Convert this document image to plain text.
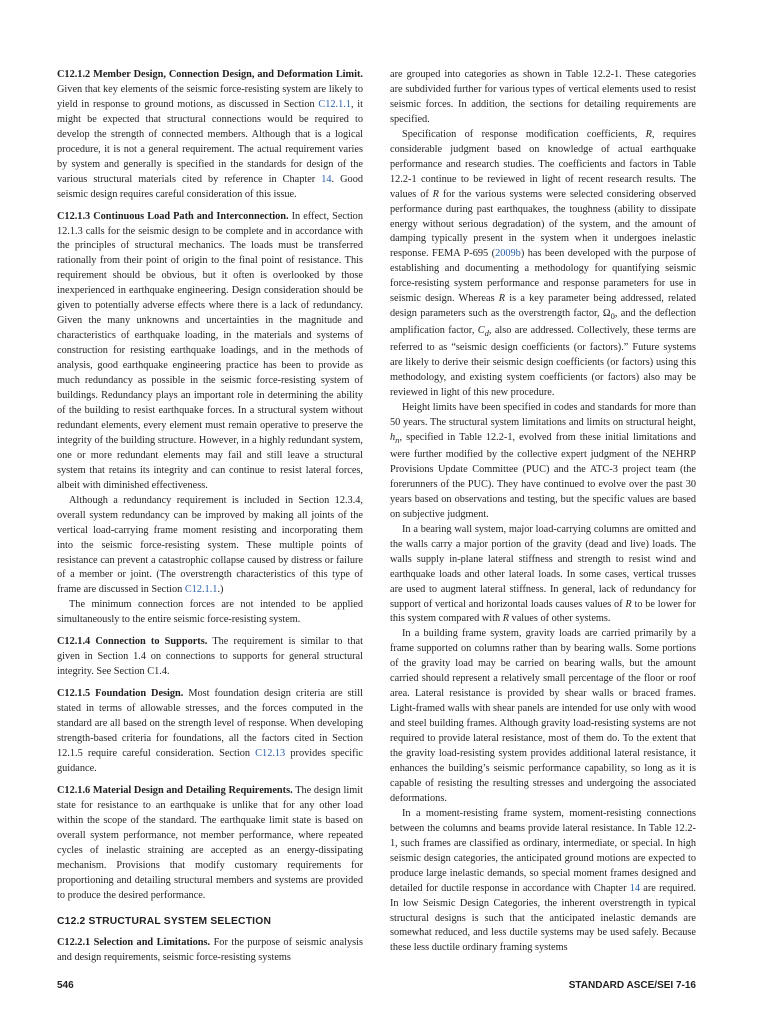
C12.1.2 Member Design, Connection Design, and Deformation Limit. Given that key elements of the seismic force-resisting system are likely to yield in response to ground motions, as discussed in Section C12.1.1, it might be expected that structural connections would be required to develop the strength of connected members. Although that is a logical procedure, it is not a general requirement. The actual requirement varies by system and generally is specified in the standards for design of the various structural materials cited by reference in Chapter 14. Good seismic design requires careful consideration of this issue.

C12.1.3 Continuous Load Path and Interconnection. In effect, Section 12.1.3 calls for the seismic design to be complete and in accordance with the principles of structural mechanics. The loads must be transferred rationally from their point of origin to the final point of resistance. This requirement should be obvious, but it often is overlooked by those inexperienced in earthquake engineering. Design consideration should be given to potentially adverse effects where there is a lack of redundancy. Given the many unknowns and uncertainties in the magnitude and characteristics of earthquake loading, in the materials and systems of construction for resisting earthquake loadings, and in the methods of analysis, good earthquake engineering practice has been to provide as much redundancy as possible in the seismic force-resisting system of buildings. Redundancy plays an important role in determining the ability of the building to resist earthquake forces. In a structural system without redundant elements, every element must remain operative to preserve the integrity of the building structure. However, in a highly redundant system, one or more redundant elements may fail and still leave a structural system that retains its integrity and can continue to resist lateral forces, albeit with diminished effectiveness.

Although a redundancy requirement is included in Section 12.3.4, overall system redundancy can be improved by making all joints of the vertical load-carrying frame moment resisting and incorporating them into the seismic force-resisting system. These multiple points of resistance can prevent a catastrophic collapse caused by distress or failure of a member or joint. (The overstrength characteristics of this type of frame are discussed in Section C12.1.1.)

The minimum connection forces are not intended to be applied simultaneously to the entire seismic force-resisting system.

C12.1.4 Connection to Supports. The requirement is similar to that given in Section 1.4 on connections to supports for general structural integrity. See Section C1.4.

C12.1.5 Foundation Design. Most foundation design criteria are still stated in terms of allowable stresses, and the forces computed in the standard are all based on the strength level of response. When developing strength-based criteria for foundations, all the factors cited in Section 12.1.5 require careful consideration. Section C12.13 provides specific guidance.

C12.1.6 Material Design and Detailing Requirements. The design limit state for resistance to an earthquake is unlike that for any other load within the scope of the standard. The earthquake limit state is based on overall system performance, not member performance, where repeated cycles of inelastic straining are accepted as an energy-dissipating mechanism. Provisions that modify customary requirements for proportioning and detailing structural members and systems are provided to produce the desired performance.

C12.2 STRUCTURAL SYSTEM SELECTION

C12.2.1 Selection and Limitations. For the purpose of seismic analysis and design requirements, seismic force-resisting systems

are grouped into categories as shown in Table 12.2-1. These categories are subdivided further for various types of vertical elements used to resist seismic forces. In addition, the sections for detailing requirements are specified.

Specification of response modification coefficients, R, requires considerable judgment based on knowledge of actual earthquake performance and research studies. The coefficients and factors in Table 12.2-1 continue to be reviewed in light of recent research results. The values of R for the various systems were selected considering observed performance during past earthquakes, the toughness (ability to dissipate energy without serious degradation) of the system, and the amount of damping typically present in the system when it undergoes inelastic response. FEMA P-695 (2009b) has been developed with the purpose of establishing and documenting a methodology for quantifying seismic force-resisting system performance and response parameters for use in seismic design. Whereas R is a key parameter being addressed, related design parameters such as the overstrength factor, $\Omega_0$, and the deflection amplification factor, $C_d$, also are addressed. Collectively, these terms are referred to as “seismic design coefficients (or factors).” Future systems are likely to derive their seismic design coefficients (or factors) using this methodology, and existing system coefficients (or factors) also may be reviewed in light of this new procedure.

Height limits have been specified in codes and standards for more than 50 years. The structural system limitations and limits on structural height, $h_n$, specified in Table 12.2-1, evolved from these initial limitations and were further modified by the collective expert judgment of the NEHRP Provisions Update Committee (PUC) and the ATC-3 project team (the forerunners of the PUC). They have continued to evolve over the past 30 years based on observations and testing, but the specific values are based on subjective judgment.

In a bearing wall system, major load-carrying columns are omitted and the walls carry a major portion of the gravity (dead and live) loads. The walls supply in-plane lateral stiffness and strength to resist wind and earthquake loads and other lateral loads. In some cases, vertical trusses are used to augment lateral stiffness. In general, lack of redundancy for support of vertical and horizontal loads causes values of R to be lower for this system compared with R values of other systems.

In a building frame system, gravity loads are carried primarily by a frame supported on columns rather than by bearing walls. Some portions of the gravity load may be carried on bearing walls, but the amount carried should represent a relatively small percentage of the floor or roof area. Lateral resistance is provided by shear walls or braced frames. Light-framed walls with shear panels are intended for use only with wood and steel building frames. Although gravity load-resisting systems are not required to provide lateral resistance, most of them do. To the extent that the gravity load-resisting system provides additional lateral resistance, it enhances the building’s seismic performance capability, so long as it is capable of resisting the resulting stresses and undergoing the associated deformations.

In a moment-resisting frame system, moment-resisting connections between the columns and beams provide lateral resistance. In Table 12.2-1, such frames are classified as ordinary, intermediate, or special. In high seismic design categories, the anticipated ground motions are expected to produce large inelastic demands, so special moment frames designed and detailed for ductile response in accordance with Chapter 14 are required. In low Seismic Design Categories, the inherent overstrength in typical structural designs is such that the anticipated inelastic demands are somewhat reduced, and less ductile systems may be used safely. Because these less ductile ordinary framing systems

546	STANDARD ASCE/SEI 7-16
